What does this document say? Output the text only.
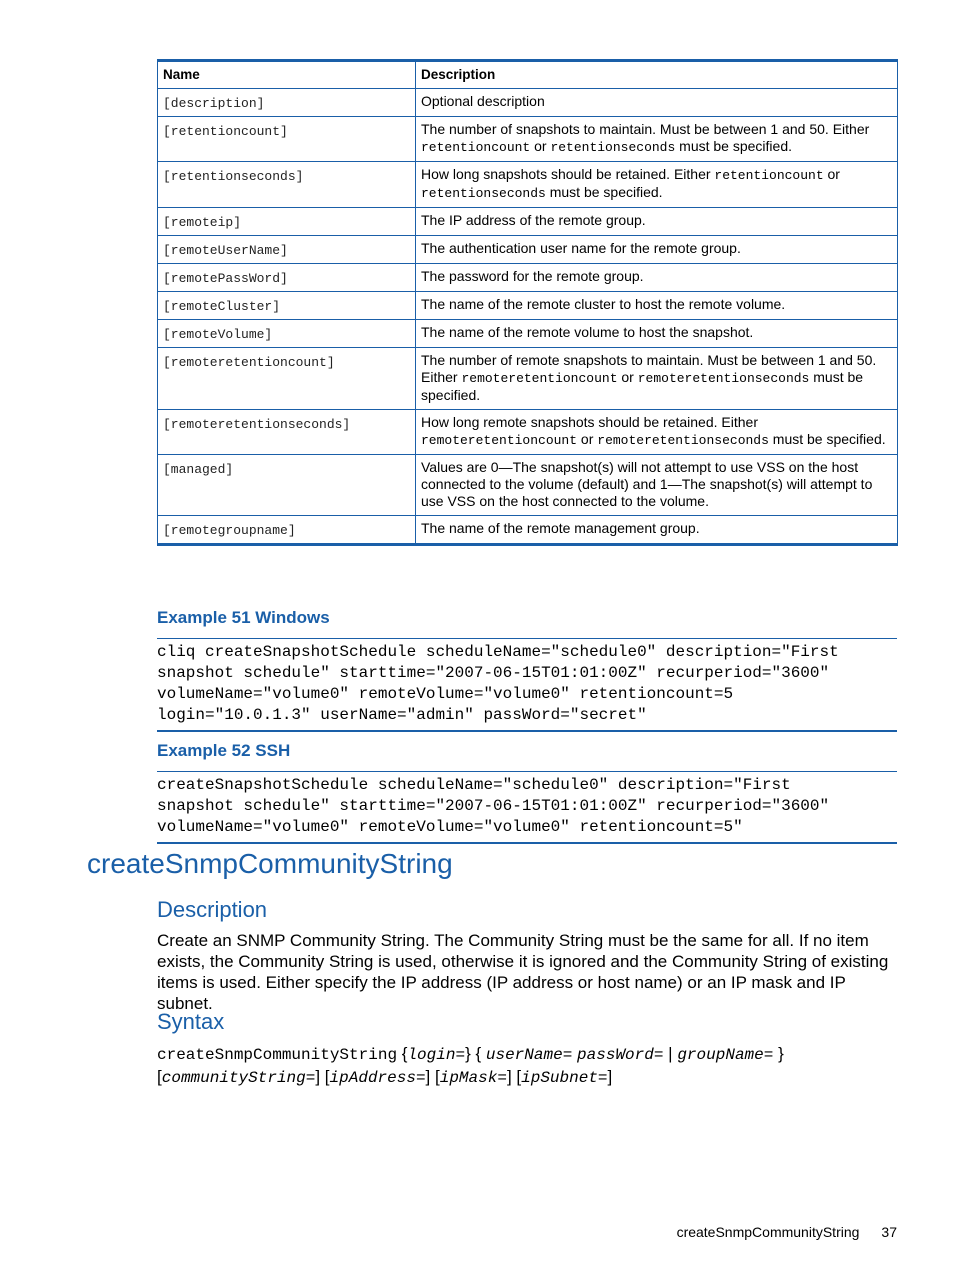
Name	Description
[description]	Optional description
[retentioncount]	The number of snapshots to maintain. Must be between 1 and 50. Either retentioncount or retentionseconds must be specified.
[retentionseconds]	How long snapshots should be retained. Either retentioncount or retentionseconds must be specified.
[remoteip]	The IP address of the remote group.
[remoteUserName]	The authentication user name for the remote group.
[remotePassWord]	The password for the remote group.
[remoteCluster]	The name of the remote cluster to host the remote volume.
[remoteVolume]	The name of the remote volume to host the snapshot.
[remoteretentioncount]	The number of remote snapshots to maintain. Must be between 1 and 50. Either remoteretentioncount or remoteretentionseconds must be specified.
[remoteretentionseconds]	How long remote snapshots should be retained. Either remoteretentioncount or remoteretentionseconds must be specified.
[managed]	Values are 0—The snapshot(s) will not attempt to use VSS on the host connected to the volume (default) and 1—The snapshot(s) will attempt to use VSS on the host connected to the volume.
[remotegroupname]	The name of the remote management group.
Example 51 Windows
cliq createSnapshotSchedule scheduleName="schedule0" description="First
snapshot schedule" starttime="2007-06-15T01:01:00Z" recurperiod="3600"
volumeName="volume0" remoteVolume="volume0" retentioncount=5
login="10.0.1.3" userName="admin" passWord="secret"
Example 52 SSH
createSnapshotSchedule scheduleName="schedule0" description="First
snapshot schedule" starttime="2007-06-15T01:01:00Z" recurperiod="3600"
volumeName="volume0" remoteVolume="volume0" retentioncount=5"
createSnmpCommunityString
Description

Create an SNMP Community String. The Community String must be the same for all. If no item exists, the Community String is used, otherwise it is ignored and the Community String of existing items is used. Either specify the IP address (IP address or host name) or an IP mask and IP subnet.

Syntax

createSnmpCommunityString {login=} { userName= passWord= | groupName= }
[communityString=] [ipAddress=] [ipMask=] [ipSubnet=]

createSnmpCommunityString 37
